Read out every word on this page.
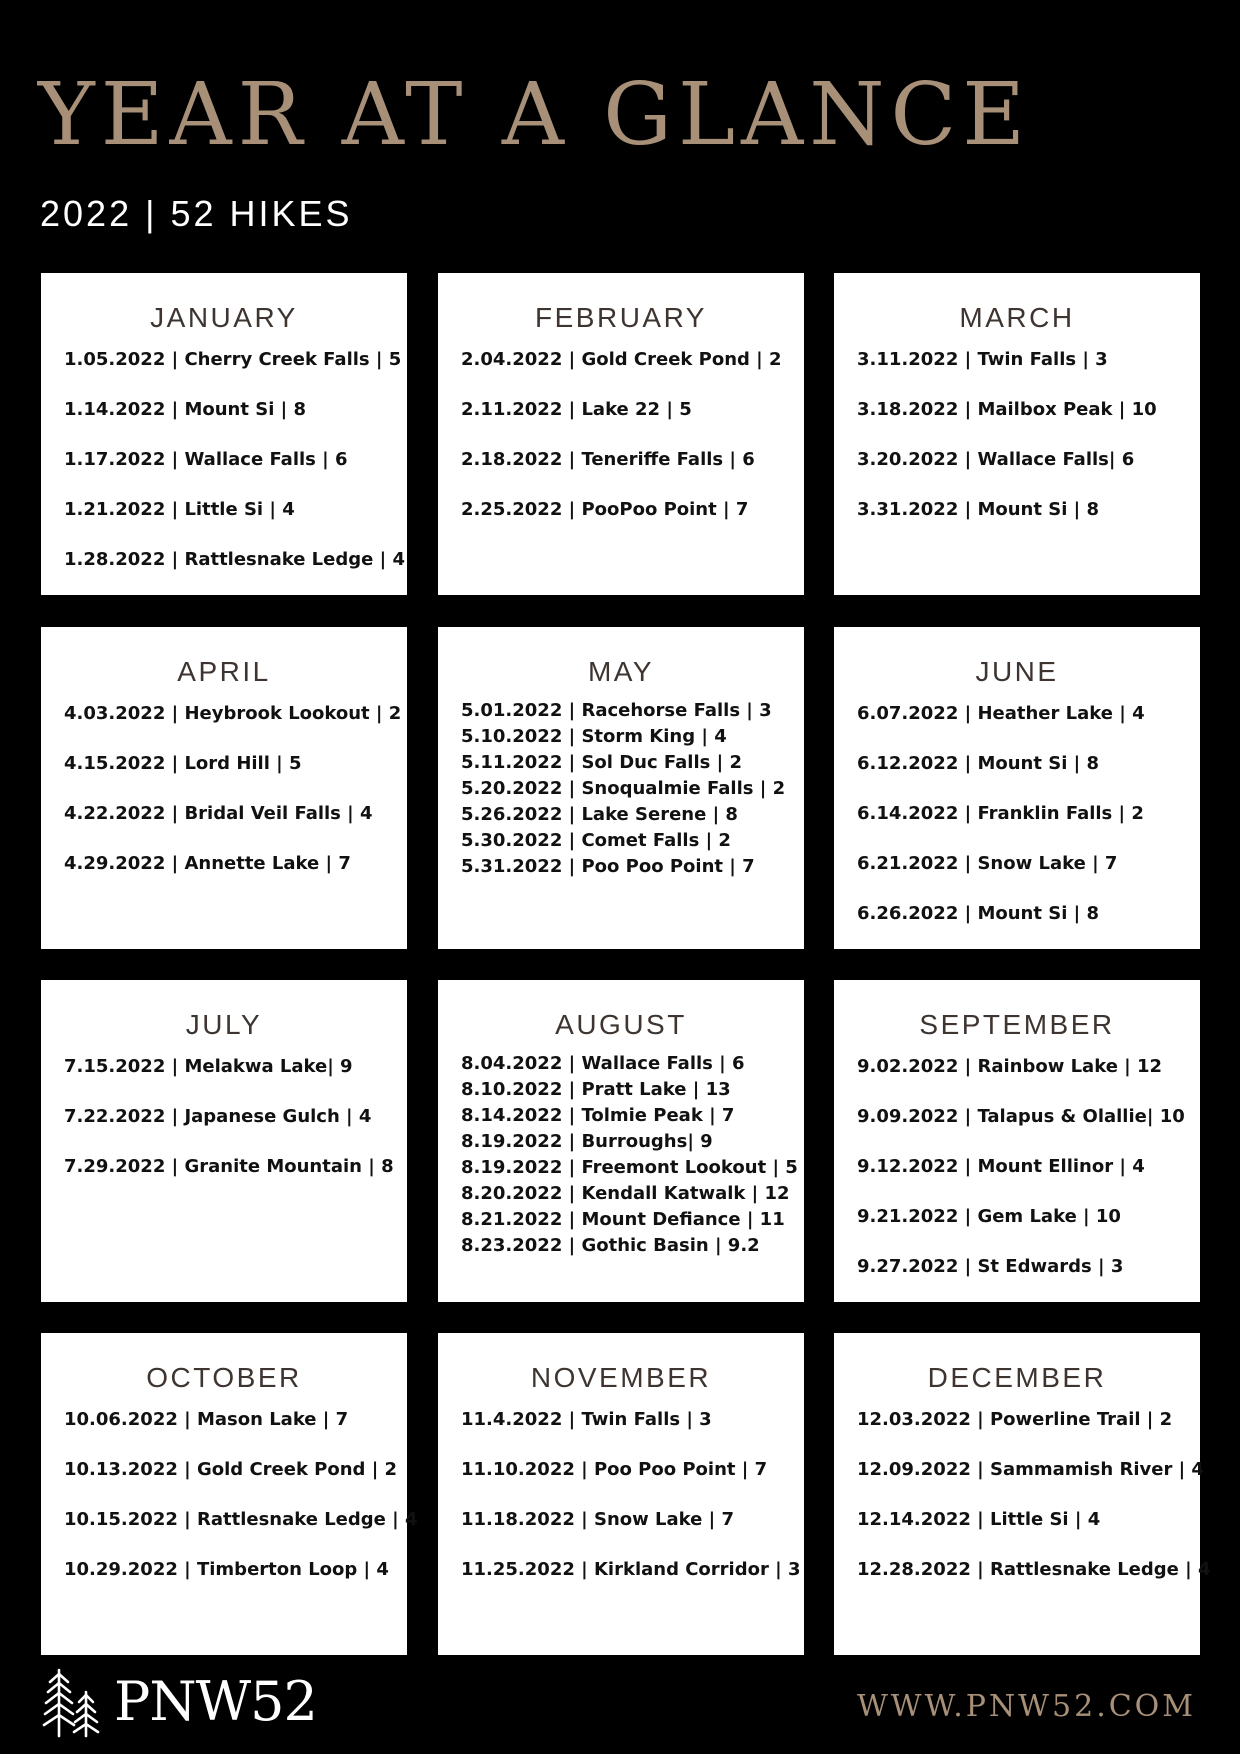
YEAR AT A GLANCE
2022 | 52 HIKES
JANUARY
1.05.2022 | Cherry Creek Falls | 5
1.14.2022 | Mount Si | 8
1.17.2022 | Wallace Falls | 6
1.21.2022 | Little Si | 4
1.28.2022 | Rattlesnake Ledge | 4
FEBRUARY
2.04.2022 | Gold Creek Pond | 2
2.11.2022 | Lake 22 | 5
2.18.2022 | Teneriffe Falls | 6
2.25.2022 | PooPoo Point | 7
MARCH
3.11.2022 | Twin Falls | 3
3.18.2022 | Mailbox Peak | 10
3.20.2022 | Wallace Falls| 6
3.31.2022 | Mount Si | 8
APRIL
4.03.2022 | Heybrook Lookout | 2
4.15.2022 | Lord Hill | 5
4.22.2022 | Bridal Veil Falls | 4
4.29.2022 | Annette Lake | 7
MAY
5.01.2022 | Racehorse Falls | 3
5.10.2022 | Storm King | 4
5.11.2022 | Sol Duc Falls | 2
5.20.2022 | Snoqualmie Falls | 2
5.26.2022 | Lake Serene | 8
5.30.2022 | Comet Falls | 2
5.31.2022 | Poo Poo Point | 7
JUNE
6.07.2022 | Heather Lake | 4
6.12.2022 | Mount Si | 8
6.14.2022 | Franklin Falls | 2
6.21.2022 | Snow Lake | 7
6.26.2022 | Mount Si | 8
JULY
7.15.2022 | Melakwa Lake| 9
7.22.2022 | Japanese Gulch | 4
7.29.2022 | Granite Mountain | 8
AUGUST
8.04.2022 | Wallace Falls | 6
8.10.2022 | Pratt Lake | 13
8.14.2022 | Tolmie Peak | 7
8.19.2022 | Burroughs| 9
8.19.2022 | Freemont Lookout | 5
8.20.2022 | Kendall Katwalk | 12
8.21.2022 | Mount Defiance | 11
8.23.2022 | Gothic Basin | 9.2
SEPTEMBER
9.02.2022 | Rainbow Lake | 12
9.09.2022 | Talapus & Olallie| 10
9.12.2022 | Mount Ellinor | 4
9.21.2022 | Gem Lake | 10
9.27.2022 | St Edwards | 3
OCTOBER
10.06.2022 | Mason Lake | 7
10.13.2022 | Gold Creek Pond | 2
10.15.2022 | Rattlesnake Ledge | 4
10.29.2022 | Timberton Loop | 4
NOVEMBER
11.4.2022 | Twin Falls | 3
11.10.2022 | Poo Poo Point | 7
11.18.2022 | Snow Lake | 7
11.25.2022 | Kirkland Corridor | 3
DECEMBER
12.03.2022 | Powerline Trail | 2
12.09.2022 | Sammamish River | 4
12.14.2022 | Little Si | 4
12.28.2022 | Rattlesnake Ledge | 4
PNW52	WWW.PNW52.COM
